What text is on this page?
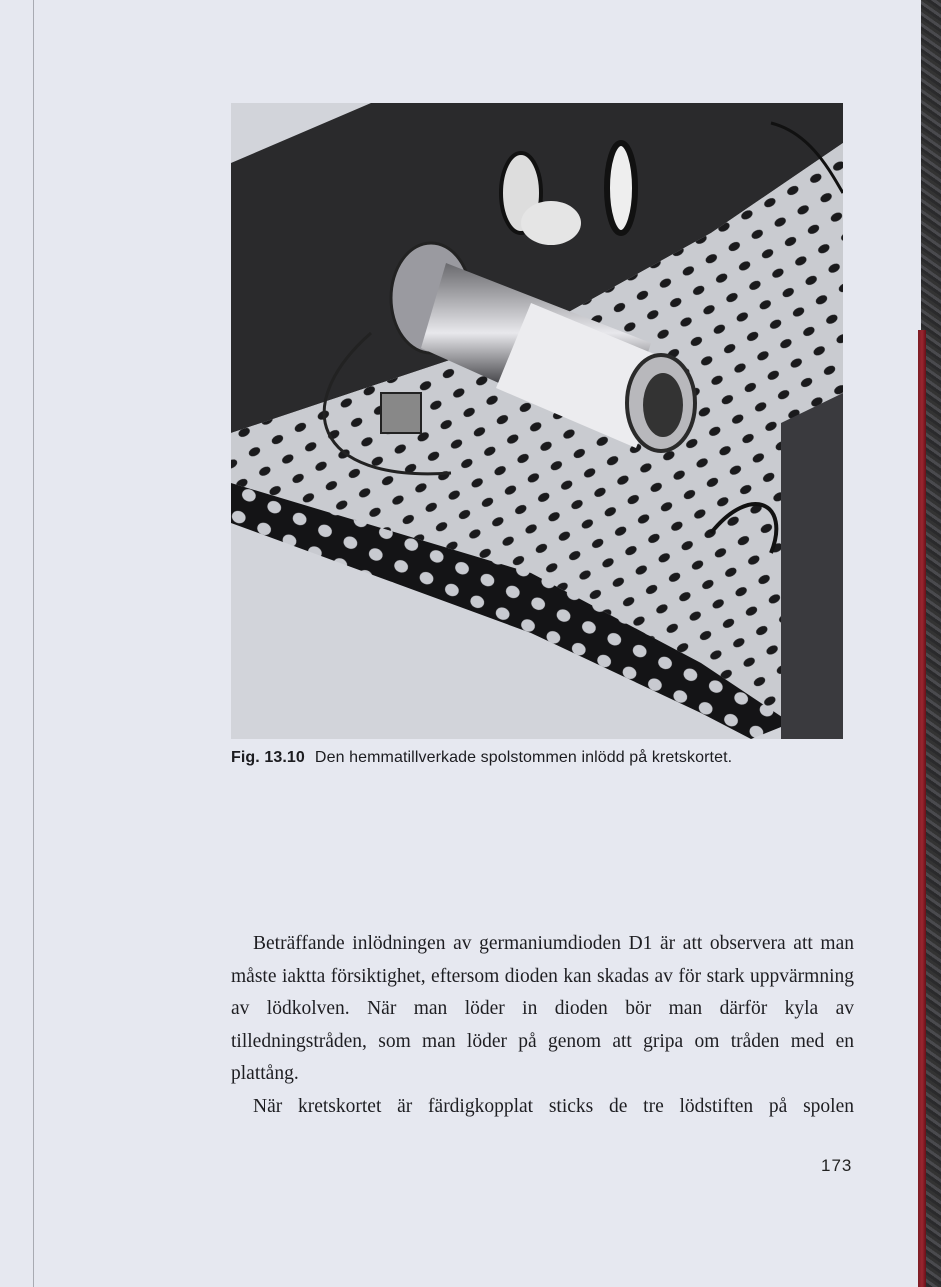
Fig. 13.10 Den hemmatillverkade spolstommen inlödd på kretskortet.

Beträffande inlödningen av germaniumdioden D1 är att observera att man måste iaktta försiktighet, eftersom dioden kan skadas av för stark uppvärmning av lödkolven. När man löder in dioden bör man därför kyla av tilledningstråden, som man löder på genom att gripa om tråden med en plattång.

När kretskortet är färdigkopplat sticks de tre lödstiften på spolen

173
